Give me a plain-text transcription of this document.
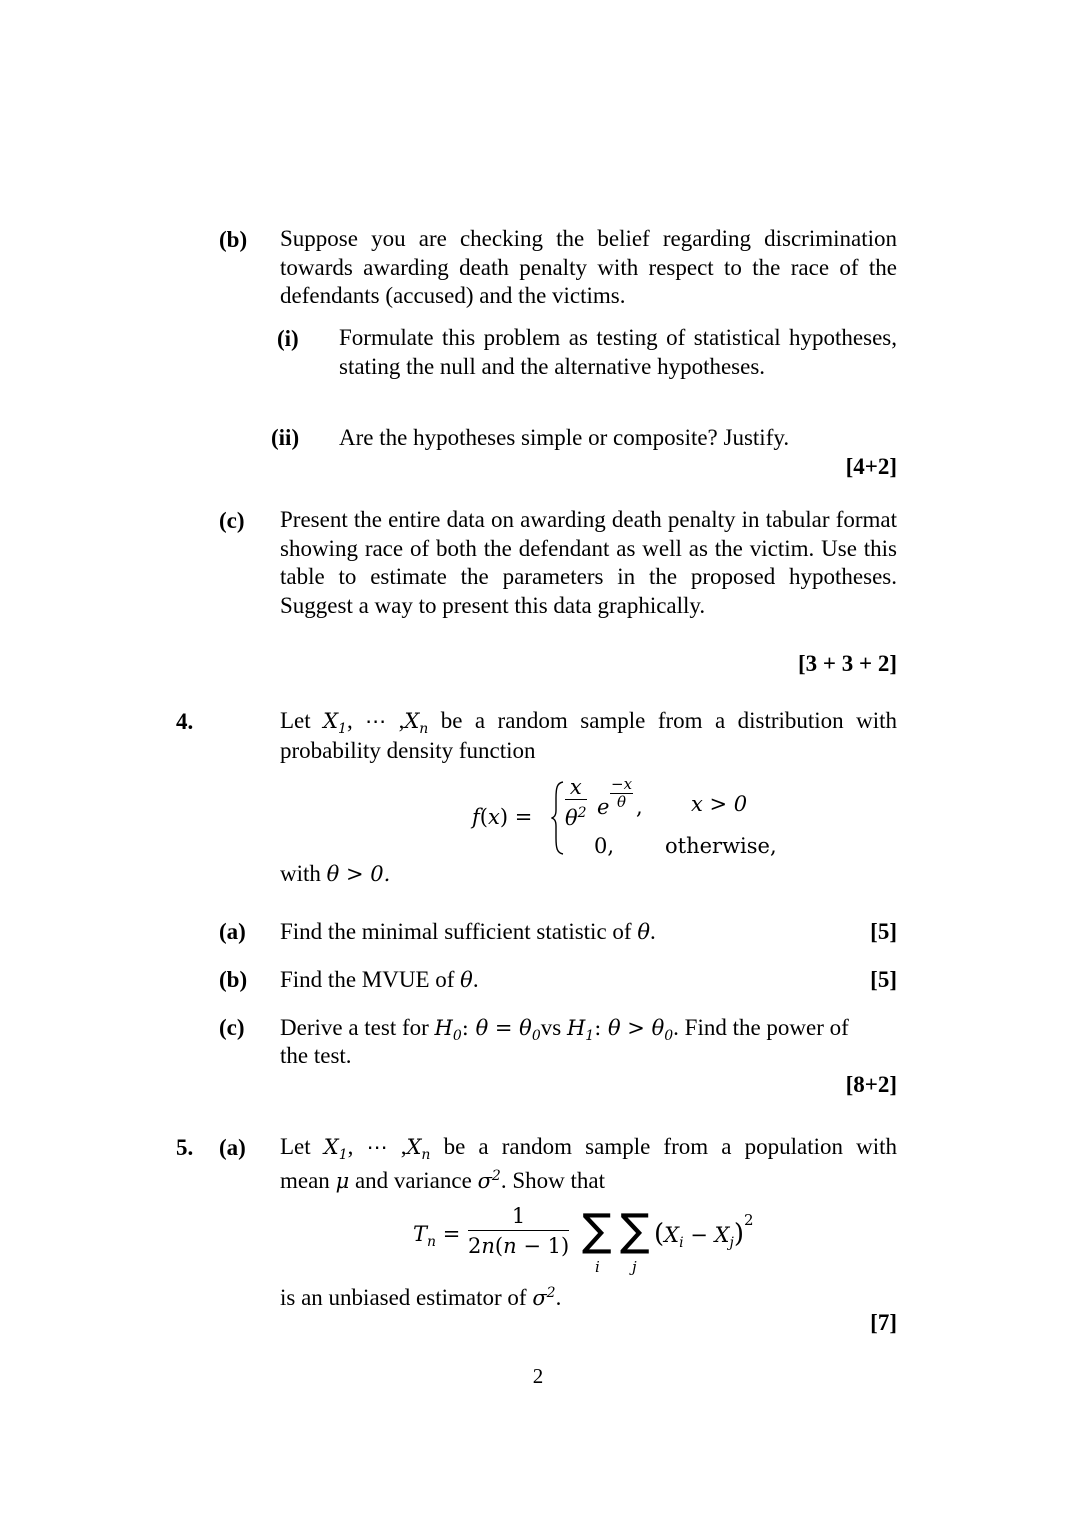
(b) Suppose you are checking the belief regarding discrimination towards awarding death penalty with respect to the race of the defendants (accused) and the victims.
(i) Formulate this problem as testing of statistical hypotheses, stating the null and the alternative hypotheses.
(ii) Are the hypotheses simple or composite? Justify.
[4+2]
(c) Present the entire data on awarding death penalty in tabular format showing race of both the defendant as well as the victim. Use this table to estimate the parameters in the proposed hypotheses. Suggest a way to present this data graphically.
[3 + 3 + 2]
4.	Let $X_1$, ⋯ $,X_n$ be a random sample from a distribution with
probability density function
$f(x) = \frac{x}{\theta^2}$ e
−x
θ , x > 0
0, otherwise,
with θ > 0.
(a) Find the minimal sufficient statistic of θ.	[5]
(b) Find the MVUE of θ.	[5]
(c) Derive a test for $H_0$: $\theta = \theta_0vs$ $H_1$: $\theta > \theta_0$. Find the power of
the test.
[8+2]
5. (a) Let $X_1$, ⋯ $,X_n$ be a random sample from a population with
mean μ and variance $\sigma^2$. Show that
$T_n = \frac{1}{2n(n - 1)}$ ∑
i
∑
j
$(X_i - X_j)^2$
is an unbiased estimator of $\sigma^2$.
[7]
2
